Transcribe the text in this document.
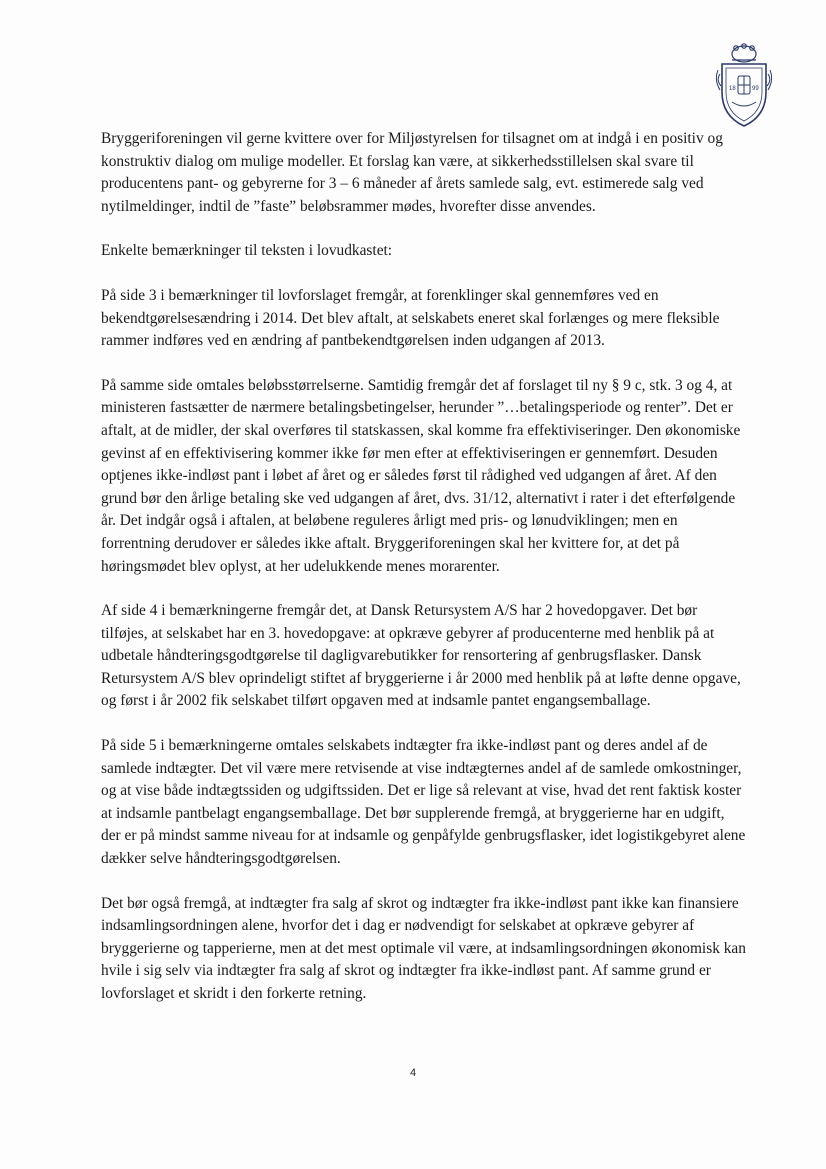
18	99

Bryggeriforeningen vil gerne kvittere over for Miljøstyrelsen for tilsagnet om at indgå i en positiv og konstruktiv dialog om mulige modeller. Et forslag kan være, at sikkerhedsstillelsen skal svare til producentens pant- og gebyrerne for 3 – 6 måneder af årets samlede salg, evt. estimerede salg ved nytilmeldinger, indtil de ”faste” beløbsrammer mødes, hvorefter disse anvendes.

Enkelte bemærkninger til teksten i lovudkastet:

På side 3 i bemærkninger til lovforslaget fremgår, at forenklinger skal gennemføres ved en bekendtgørelsesændring i 2014. Det blev aftalt, at selskabets eneret skal forlænges og mere fleksible rammer indføres ved en ændring af pantbekendtgørelsen inden udgangen af 2013.

På samme side omtales beløbsstørrelserne. Samtidig fremgår det af forslaget til ny § 9 c, stk. 3 og 4, at ministeren fastsætter de nærmere betalingsbetingelser, herunder ”…betalingsperiode og renter”. Det er aftalt, at de midler, der skal overføres til statskassen, skal komme fra effektiviseringer. Den økonomiske gevinst af en effektivisering kommer ikke før men efter at effektiviseringen er gennemført. Desuden optjenes ikke-indløst pant i løbet af året og er således først til rådighed ved udgangen af året. Af den grund bør den årlige betaling ske ved udgangen af året, dvs. 31/12, alternativt i rater i det efterfølgende år. Det indgår også i aftalen, at beløbene reguleres årligt med pris- og lønudviklingen; men en forrentning derudover er således ikke aftalt. Bryggeriforeningen skal her kvittere for, at det på høringsmødet blev oplyst, at her udelukkende menes morarenter.

Af side 4 i bemærkningerne fremgår det, at Dansk Retursystem A/S har 2 hovedopgaver. Det bør tilføjes, at selskabet har en 3. hovedopgave: at opkræve gebyrer af producenterne med henblik på at udbetale håndteringsgodtgørelse til dagligvarebutikker for rensortering af genbrugsflasker. Dansk Retursystem A/S blev oprindeligt stiftet af bryggerierne i år 2000 med henblik på at løfte denne opgave, og først i år 2002 fik selskabet tilført opgaven med at indsamle pantet engangsemballage.

På side 5 i bemærkningerne omtales selskabets indtægter fra ikke-indløst pant og deres andel af de samlede indtægter. Det vil være mere retvisende at vise indtægternes andel af de samlede omkostninger, og at vise både indtægtssiden og udgiftssiden. Det er lige så relevant at vise, hvad det rent faktisk koster at indsamle pantbelagt engangsemballage. Det bør supplerende fremgå, at bryggerierne har en udgift, der er på mindst samme niveau for at indsamle og genpåfylde genbrugsflasker, idet logistikgebyret alene dækker selve håndteringsgodtgørelsen.

Det bør også fremgå, at indtægter fra salg af skrot og indtægter fra ikke-indløst pant ikke kan finansiere indsamlingsordningen alene, hvorfor det i dag er nødvendigt for selskabet at opkræve gebyrer af bryggerierne og tapperierne, men at det mest optimale vil være, at indsamlingsordningen økonomisk kan hvile i sig selv via indtægter fra salg af skrot og indtægter fra ikke-indløst pant. Af samme grund er lovforslaget et skridt i den forkerte retning.

4
